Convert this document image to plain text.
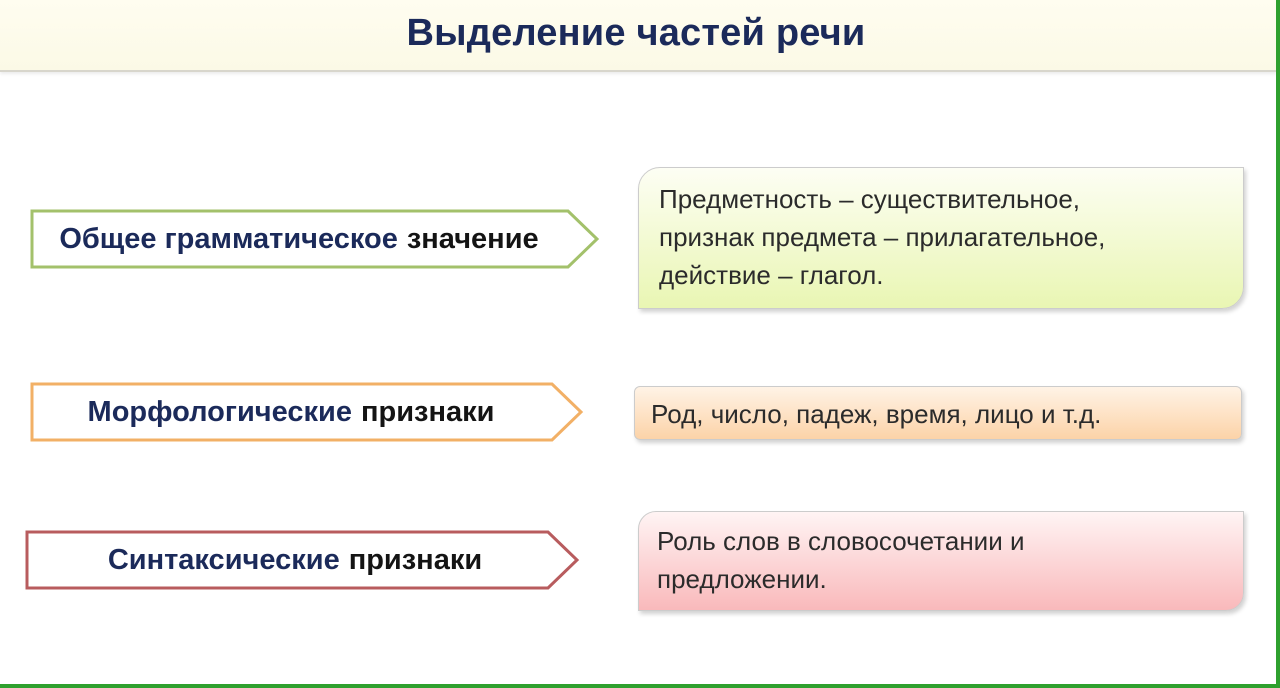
Выделение частей речи
Общее грамматическое значение
Морфологические признаки
Синтаксические признаки
Предметность – существительное,
признак предмета – прилагательное,
действие – глагол.
Род, число, падеж, время, лицо и т.д.
Роль слов в словосочетании и
предложении.
